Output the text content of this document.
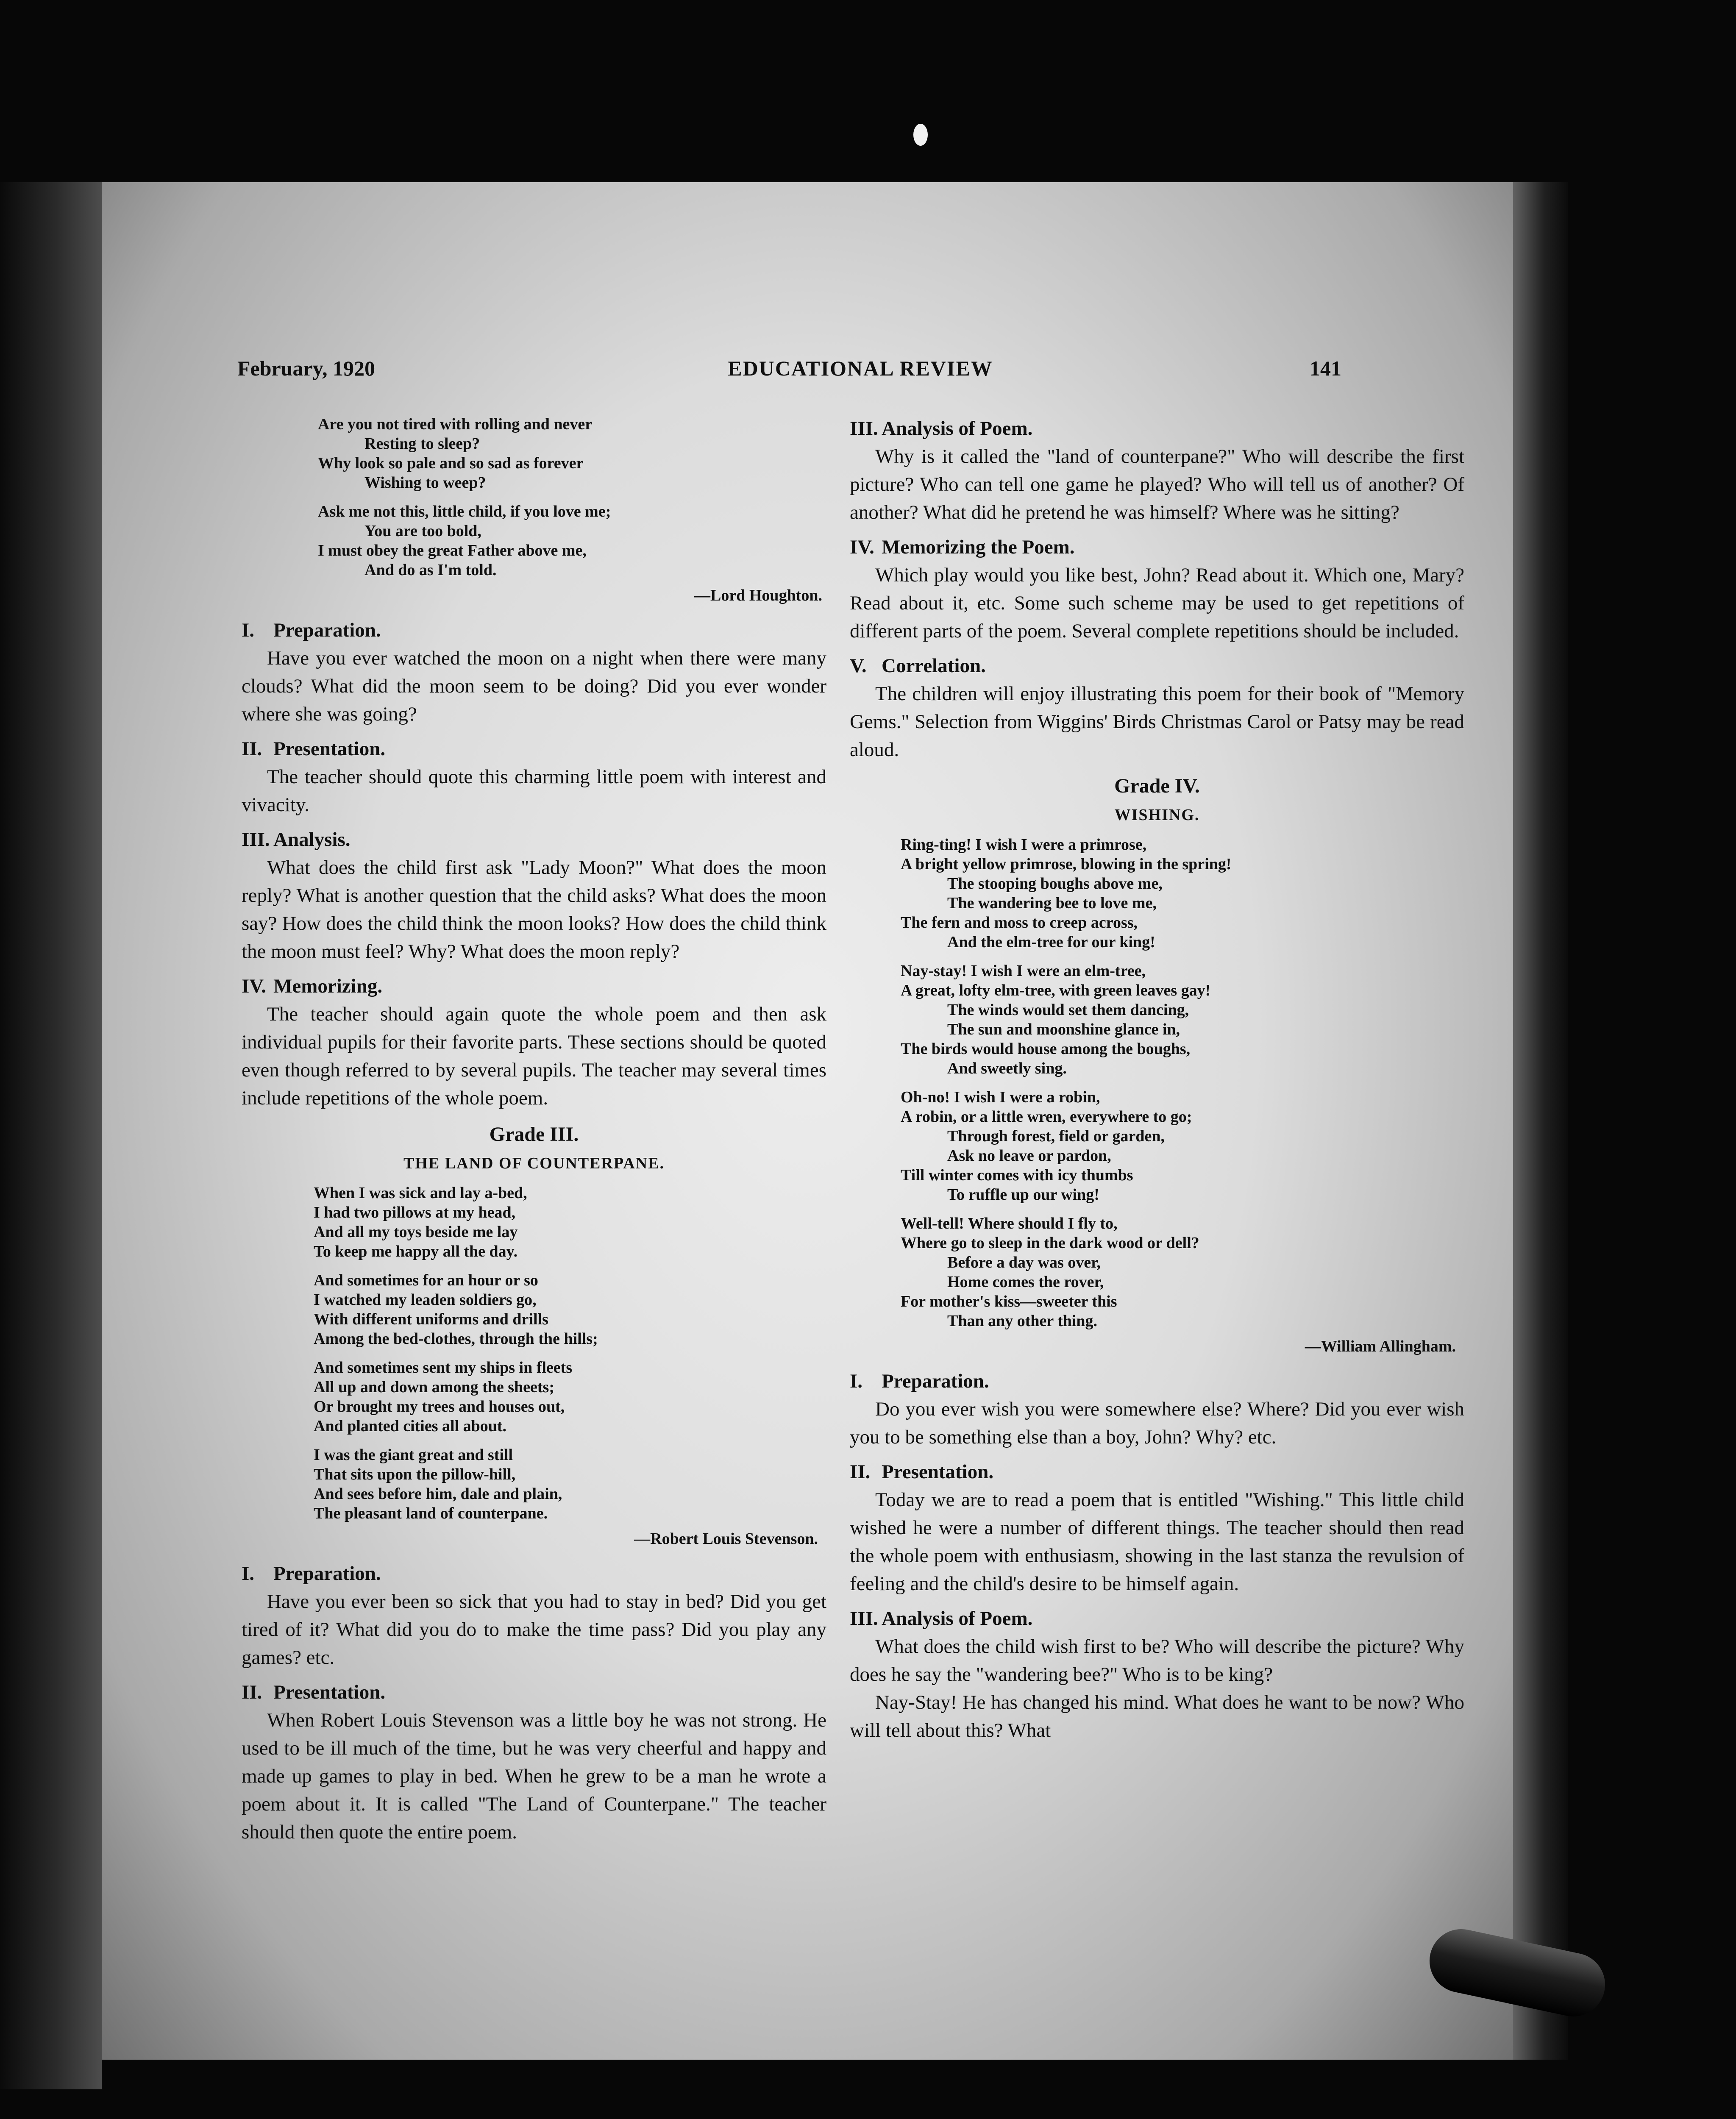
February, 1920	EDUCATIONAL REVIEW	141
Are you not tired with rolling and never
Resting to sleep?
Why look so pale and so sad as forever
Wishing to weep?
Ask me not this, little child, if you love me;
You are too bold,
I must obey the great Father above me,
And do as I'm told.
—Lord Houghton.
I. Preparation.

Have you ever watched the moon on a night when there were many clouds? What did the moon seem to be doing? Did you ever wonder where she was going?

II. Presentation.

The teacher should quote this charming little poem with interest and vivacity.

III. Analysis.

What does the child first ask "Lady Moon?" What does the moon reply? What is another question that the child asks? What does the moon say? How does the child think the moon looks? How does the child think the moon must feel? Why? What does the moon reply?

IV. Memorizing.

The teacher should again quote the whole poem and then ask individual pupils for their favorite parts. These sections should be quoted even though referred to by several pupils. The teacher may several times include repetitions of the whole poem.

Grade III.
THE LAND OF COUNTERPANE.
When I was sick and lay a-bed,
I had two pillows at my head,
And all my toys beside me lay
To keep me happy all the day.
And sometimes for an hour or so
I watched my leaden soldiers go,
With different uniforms and drills
Among the bed-clothes, through the hills;
And sometimes sent my ships in fleets
All up and down among the sheets;
Or brought my trees and houses out,
And planted cities all about.
I was the giant great and still
That sits upon the pillow-hill,
And sees before him, dale and plain,
The pleasant land of counterpane.
—Robert Louis Stevenson.
I. Preparation.

Have you ever been so sick that you had to stay in bed? Did you get tired of it? What did you do to make the time pass? Did you play any games? etc.

II. Presentation.

When Robert Louis Stevenson was a little boy he was not strong. He used to be ill much of the time, but he was very cheerful and happy and made up games to play in bed. When he grew to be a man he wrote a poem about it. It is called "The Land of Counterpane." The teacher should then quote the entire poem.

III. Analysis of Poem.

Why is it called the "land of counterpane?" Who will describe the first picture? Who can tell one game he played? Who will tell us of another? Of another? What did he pretend he was himself? Where was he sitting?

IV. Memorizing the Poem.

Which play would you like best, John? Read about it. Which one, Mary? Read about it, etc. Some such scheme may be used to get repetitions of different parts of the poem. Several complete repetitions should be included.

V. Correlation.

The children will enjoy illustrating this poem for their book of "Memory Gems." Selection from Wiggins' Birds Christmas Carol or Patsy may be read aloud.

Grade IV.
WISHING.
Ring-ting! I wish I were a primrose,
A bright yellow primrose, blowing in the spring!
The stooping boughs above me,
The wandering bee to love me,
The fern and moss to creep across,
And the elm-tree for our king!
Nay-stay! I wish I were an elm-tree,
A great, lofty elm-tree, with green leaves gay!
The winds would set them dancing,
The sun and moonshine glance in,
The birds would house among the boughs,
And sweetly sing.
Oh-no! I wish I were a robin,
A robin, or a little wren, everywhere to go;
Through forest, field or garden,
Ask no leave or pardon,
Till winter comes with icy thumbs
To ruffle up our wing!
Well-tell! Where should I fly to,
Where go to sleep in the dark wood or dell?
Before a day was over,
Home comes the rover,
For mother's kiss—sweeter this
Than any other thing.
—William Allingham.
I. Preparation.

Do you ever wish you were somewhere else? Where? Did you ever wish you to be something else than a boy, John? Why? etc.

II. Presentation.

Today we are to read a poem that is entitled "Wishing." This little child wished he were a number of different things. The teacher should then read the whole poem with enthusiasm, showing in the last stanza the revulsion of feeling and the child's desire to be himself again.

III. Analysis of Poem.

What does the child wish first to be? Who will describe the picture? Why does he say the "wandering bee?" Who is to be king?

Nay-Stay! He has changed his mind. What does he want to be now? Who will tell about this? What
